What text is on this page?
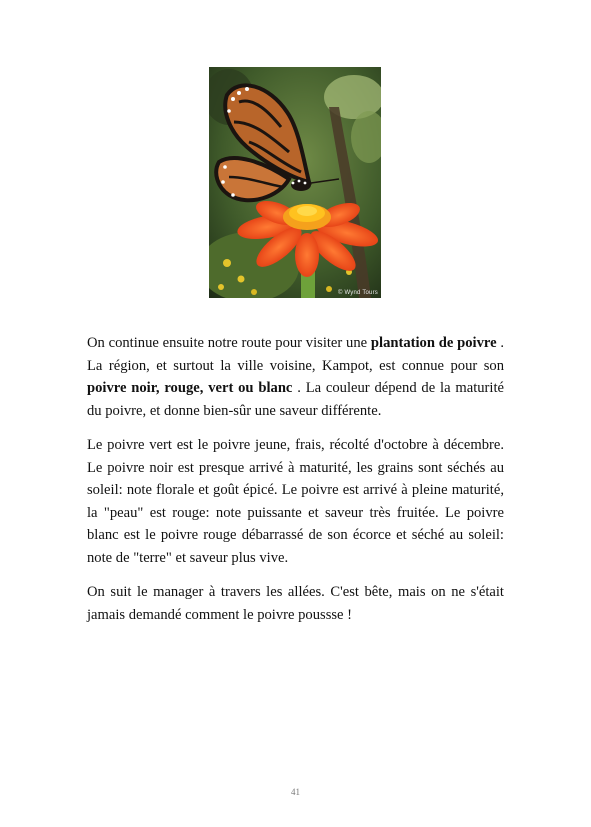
© Wynd Tours

On continue ensuite notre route pour visiter une plantation de poivre . La région, et surtout la ville voisine, Kampot, est connue pour son poivre noir, rouge, vert ou blanc . La couleur dépend de la maturité du poivre, et donne bien-sûr une saveur différente.

Le poivre vert est le poivre jeune, frais, récolté d'octobre à décembre. Le poivre noir est presque arrivé à maturité, les grains sont séchés au soleil: note florale et goût épicé. Le poivre est arrivé à pleine maturité, la "peau" est rouge: note puissante et saveur très fruitée. Le poivre blanc est le poivre rouge débarrassé de son écorce et séché au soleil: note de "terre" et saveur plus vive.

On suit le manager à travers les allées. C'est bête, mais on ne s'était jamais demandé comment le poivre poussse !

41
